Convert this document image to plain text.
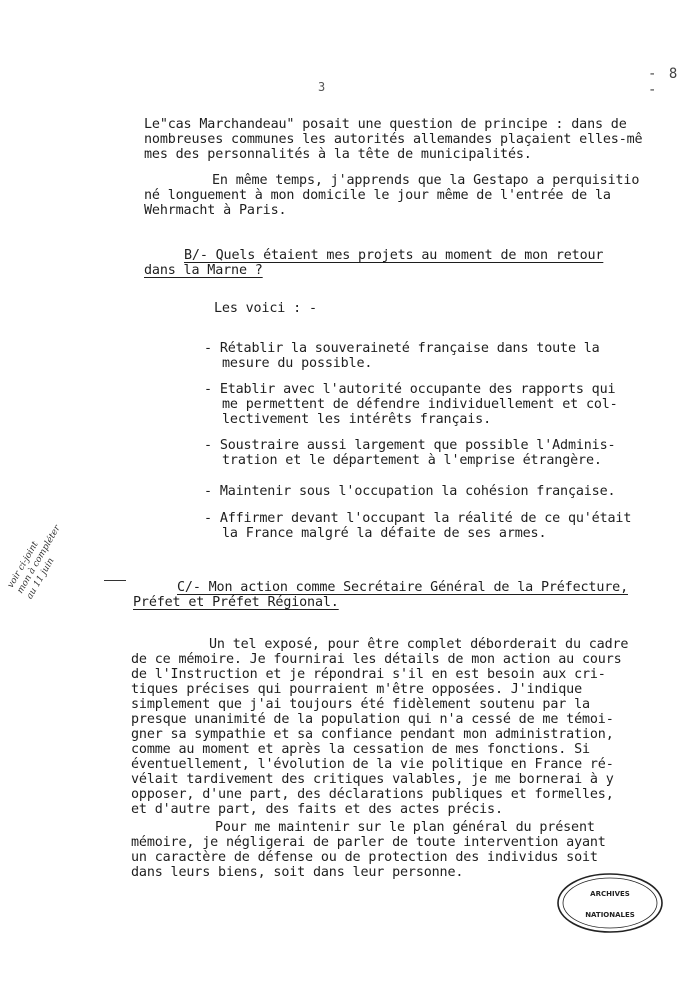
- 8 -
3
Le"cas Marchandeau" posait une question de principe : dans de
nombreuses communes les autorités allemandes plaçaient elles-mê
mes des personnalités à la tête de municipalités.
En même temps, j'apprends que la Gestapo a perquisitio
né longuement à mon domicile le jour même de l'entrée de la
Wehrmacht à Paris.
B/- Quels étaient mes projets au moment de mon retour
dans la Marne ?
Les voici : -
- Rétablir la souveraineté française dans toute la
mesure du possible.
- Etablir avec l'autorité occupante des rapports qui
me permettent de défendre individuellement et col-
lectivement les intérêts français.
- Soustraire aussi largement que possible l'Adminis-
tration et le département à l'emprise étrangère.
- Maintenir sous l'occupation la cohésion française.
- Affirmer devant l'occupant la réalité de ce qu'était
la France malgré la défaite de ses armes.
voir ci-joint
mon à compléter
au 11 juin	C/- Mon action comme Secrétaire Général de la Préfecture,
Préfet et Préfet Régional.
Un tel exposé, pour être complet déborderait du cadre
de ce mémoire. Je fournirai les détails de mon action au cours
de l'Instruction et je répondrai s'il en est besoin aux cri-
tiques précises qui pourraient m'être opposées. J'indique
simplement que j'ai toujours été fidèlement soutenu par la
presque unanimité de la population qui n'a cessé de me témoi-
gner sa sympathie et sa confiance pendant mon administration,
comme au moment et après la cessation de mes fonctions. Si
éventuellement, l'évolution de la vie politique en France ré-
vélait tardivement des critiques valables, je me bornerai à y
opposer, d'une part, des déclarations publiques et formelles,
et d'autre part, des faits et des actes précis.
Pour me maintenir sur le plan général du présent
mémoire, je négligerai de parler de toute intervention ayant
un caractère de défense ou de protection des individus soit
dans leurs biens, soit dans leur personne.
ARCHIVES
NATIONALES
